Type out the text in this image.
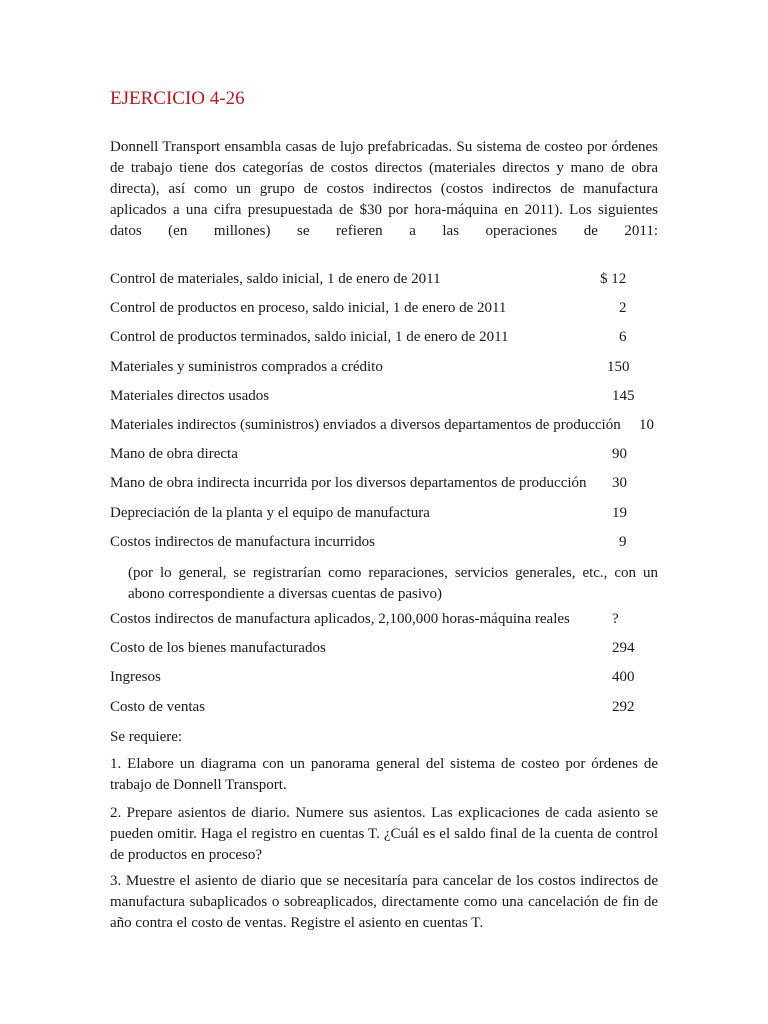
EJERCICIO 4-26

Donnell Transport ensambla casas de lujo prefabricadas. Su sistema de costeo por órdenes de trabajo tiene dos categorías de costos directos (materiales directos y mano de obra directa), así como un grupo de costos indirectos (costos indirectos de manufactura aplicados a una cifra presupuestada de $30 por hora-máquina en 2011). Los siguientes datos (en millones) se refieren a las operaciones de 2011:

Control de materiales, saldo inicial, 1 de enero de 2011	$ 12
Control de productos en proceso, saldo inicial, 1 de enero de 2011	2
Control de productos terminados, saldo inicial, 1 de enero de 2011	6
Materiales y suministros comprados a crédito	150
Materiales directos usados	145
Materiales indirectos (suministros) enviados a diversos departamentos de producción 10
Mano de obra directa	90
Mano de obra indirecta incurrida por los diversos departamentos de producción 30
Depreciación de la planta y el equipo de manufactura	19
Costos indirectos de manufactura incurridos	9

(por lo general, se registrarían como reparaciones, servicios generales, etc., con un abono correspondiente a diversas cuentas de pasivo)

Costos indirectos de manufactura aplicados, 2,100,000 horas-máquina reales	?
Costo de los bienes manufacturados	294
Ingresos	400
Costo de ventas	292

Se requiere:

1. Elabore un diagrama con un panorama general del sistema de costeo por órdenes de trabajo de Donnell Transport.

2. Prepare asientos de diario. Numere sus asientos. Las explicaciones de cada asiento se pueden omitir. Haga el registro en cuentas T. ¿Cuál es el saldo final de la cuenta de control de productos en proceso?

3. Muestre el asiento de diario que se necesitaría para cancelar de los costos indirectos de manufactura subaplicados o sobreaplicados, directamente como una cancelación de fin de año contra el costo de ventas. Registre el asiento en cuentas T.
